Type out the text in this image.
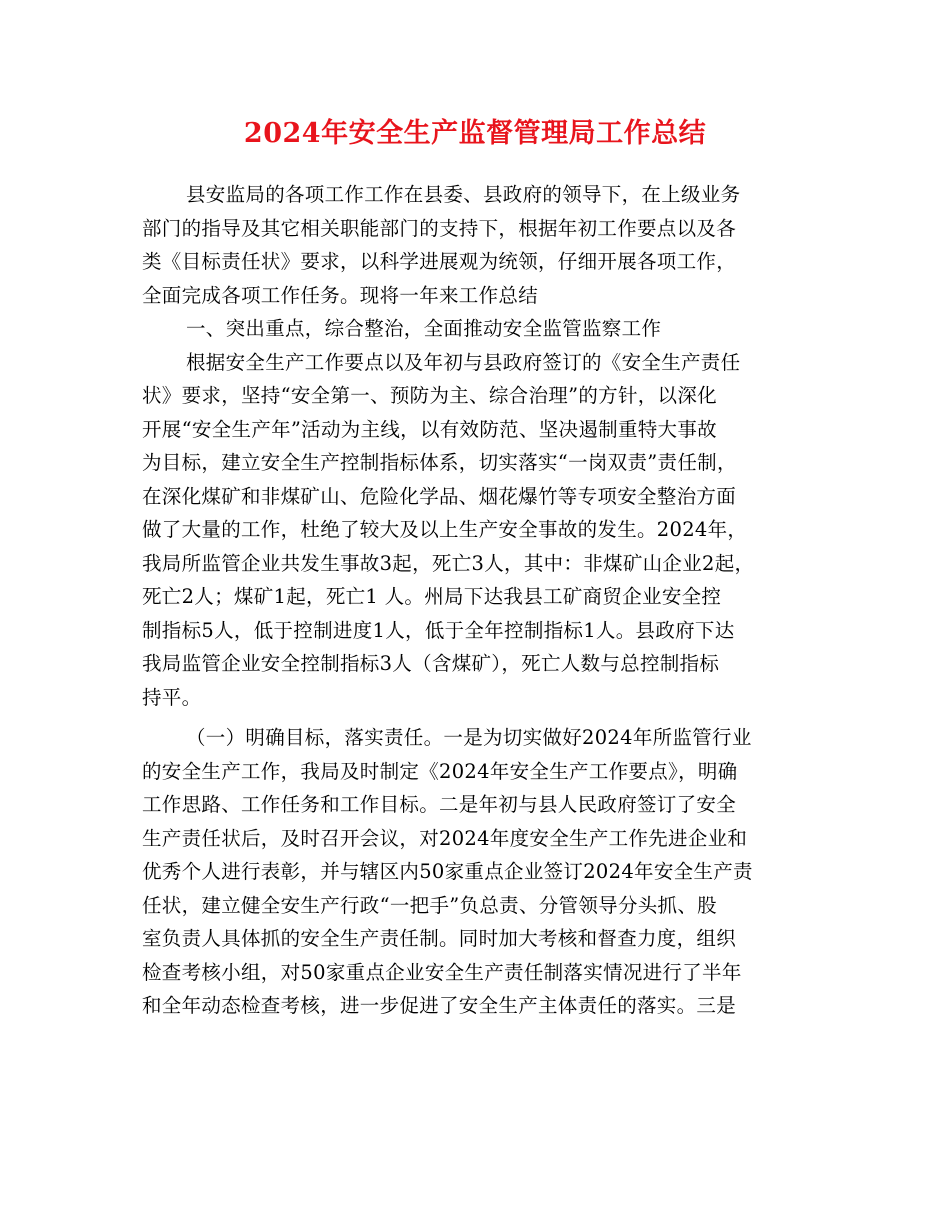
2024年安全生产监督管理局工作总结
县安监局的各项工作工作在县委、县政府的领导下，在上级业务
部门的指导及其它相关职能部门的支持下，根据年初工作要点以及各
类《目标责任状》要求，以科学进展观为统领，仔细开展各项工作，
全面完成各项工作任务。现将一年来工作总结
一、突出重点，综合整治，全面推动安全监管监察工作
根据安全生产工作要点以及年初与县政府签订的《安全生产责任
状》要求，坚持“安全第一、预防为主、综合治理”的方针，以深化
开展“安全生产年”活动为主线，以有效防范、坚决遏制重特大事故
为目标，建立安全生产控制指标体系，切实落实“一岗双责”责任制，
在深化煤矿和非煤矿山、危险化学品、烟花爆竹等专项安全整治方面
做了大量的工作，杜绝了较大及以上生产安全事故的发生。2024年，
我局所监管企业共发生事故3起，死亡3人，其中：非煤矿山企业2起，
死亡2人；煤矿1起，死亡1 人。州局下达我县工矿商贸企业安全控
制指标5人，低于控制进度1人，低于全年控制指标1人。县政府下达
我局监管企业安全控制指标3人（含煤矿），死亡人数与总控制指标
持平。
（一）明确目标，落实责任。一是为切实做好2024年所监管行业
的安全生产工作，我局及时制定《2024年安全生产工作要点》，明确
工作思路、工作任务和工作目标。二是年初与县人民政府签订了安全
生产责任状后，及时召开会议，对2024年度安全生产工作先进企业和
优秀个人进行表彰，并与辖区内50家重点企业签订2024年安全生产责
任状，建立健全安生产行政“一把手”负总责、分管领导分头抓、股
室负责人具体抓的安全生产责任制。同时加大考核和督查力度，组织
检查考核小组，对50家重点企业安全生产责任制落实情况进行了半年
和全年动态检查考核，进一步促进了安全生产主体责任的落实。三是
